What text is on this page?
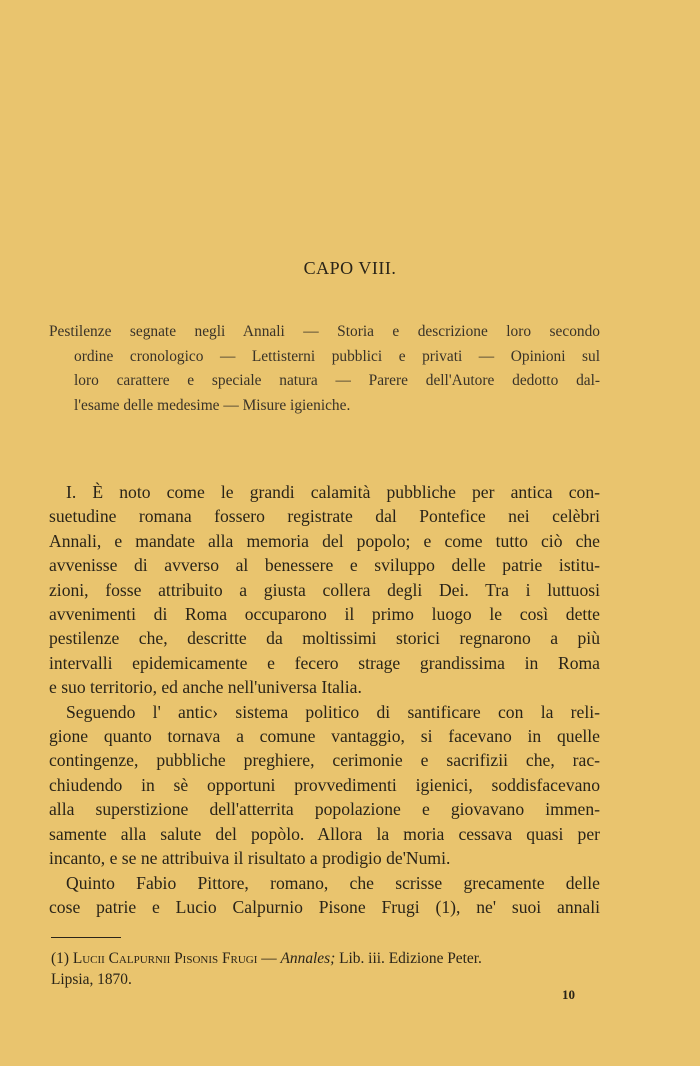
CAPO VIII.
Pestilenze segnate negli Annali — Storia e descrizione loro secondo
ordine cronologico — Lettisterni pubblici e privati — Opinioni sul
loro carattere e speciale natura — Parere dell'Autore dedotto dal-
l'esame delle medesime — Misure igieniche.
I. È noto come le grandi calamità pubbliche per antica con-
suetudine romana fossero registrate dal Pontefice nei celèbri
Annali, e mandate alla memoria del popolo; e come tutto ciò che
avvenisse di avverso al benessere e sviluppo delle patrie istitu-
zioni, fosse attribuito a giusta collera degli Dei. Tra i luttuosi
avvenimenti di Roma occuparono il primo luogo le così dette
pestilenze che, descritte da moltissimi storici regnarono a più
intervalli epidemicamente e fecero strage grandissima in Roma
e suo territorio, ed anche nell'universa Italia.
Seguendo l' antic› sistema politico di santificare con la reli-
gione quanto tornava a comune vantaggio, si facevano in quelle
contingenze, pubbliche preghiere, cerimonie e sacrifizii che, rac-
chiudendo in sè opportuni provvedimenti igienici, soddisfacevano
alla superstizione dell'atterrita popolazione e giovavano immen-
samente alla salute del popòlo. Allora la moria cessava quasi per
incanto, e se ne attribuiva il risultato a prodigio de'Numi.
Quinto Fabio Pittore, romano, che scrisse grecamente delle
cose patrie e Lucio Calpurnio Pisone Frugi (1), ne' suoi annali
(1) Lucii Calpurnii Pisonis Frugi — Annales; Lib. iii. Edizione Peter.
Lipsia, 1870.
10
